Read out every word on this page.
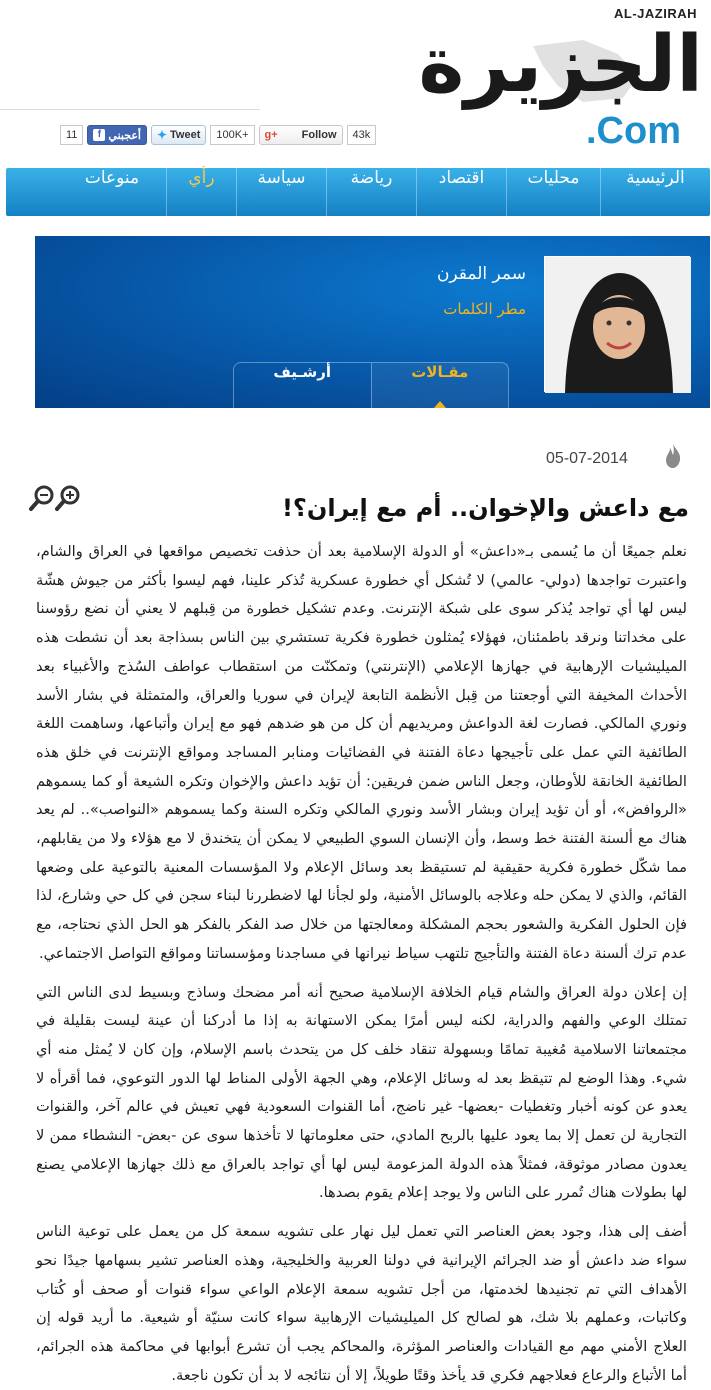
AL-JAZIRAH
الجزيرة
.Com
11	f أعجبني ✦ Tweet	100K+	g+ Follow	43k
الرئيسية
محليات
اقتصاد
رياضة
سياسة
رأي
منوعات
سمر المقرن
مطر الكلمات
مقـالات
أرشـيف
05-07-2014
مع داعش والإخوان.. أم مع إيران؟!

نعلم جميعًا أن ما يُسمى بـ«داعش» أو الدولة الإسلامية بعد أن حذفت تخصيص مواقعها في العراق والشام، واعتبرت تواجدها (دولي- عالمي) لا تُشكل أي خطورة عسكرية تُذكر علينا، فهم ليسوا بأكثر من جيوش هشّة ليس لها أي تواجد يُذكر سوى على شبكة الإنترنت. وعدم تشكيل خطورة من قِبلهم لا يعني أن نضع رؤوسنا على مخداتنا ونرقد باطمئنان، فهؤلاء يُمثلون خطورة فكرية تستشري بين الناس بسذاجة بعد أن نشطت هذه الميليشيات الإرهابية في جهازها الإعلامي (الإنترنتي) وتمكنّت من استقطاب عواطف السُذج والأغبياء بعد الأحداث المخيفة التي أوجعتنا من قِبل الأنظمة التابعة لإيران في سوريا والعراق، والمتمثلة في بشار الأسد ونوري المالكي. فصارت لغة الدواعش ومريديهم أن كل من هو ضدهم فهو مع إيران وأتباعها، وساهمت اللغة الطائفية التي عمل على تأجيجها دعاة الفتنة في الفضائيات ومنابر المساجد ومواقع الإنترنت في خلق هذه الطائفية الخانقة للأوطان، وجعل الناس ضمن فريقين: أن تؤيد داعش والإخوان وتكره الشيعة أو كما يسموهم «الروافض»، أو أن تؤيد إيران وبشار الأسد ونوري المالكي وتكره السنة وكما يسموهم «النواصب».. لم يعد هناك مع ألسنة الفتنة خط وسط، وأن الإنسان السوي الطبيعي لا يمكن أن يتخندق لا مع هؤلاء ولا من يقابلهم، مما شكّل خطورة فكرية حقيقية لم تستيقظ بعد وسائل الإعلام ولا المؤسسات المعنية بالتوعية على وضعها القائم، والذي لا يمكن حله وعلاجه بالوسائل الأمنية، ولو لجأنا لها لاضطررنا لبناء سجن في كل حي وشارع، لذا فإن الحلول الفكرية والشعور بحجم المشكلة ومعالجتها من خلال صد الفكر بالفكر هو الحل الذي نحتاجه، مع عدم ترك ألسنة دعاة الفتنة والتأجيج تلتهب سياط نيرانها في مساجدنا ومؤسساتنا ومواقع التواصل الاجتماعي.

إن إعلان دولة العراق والشام قيام الخلافة الإسلامية صحيح أنه أمر مضحك وساذج وبسيط لدى الناس التي تمتلك الوعي والفهم والدراية، لكنه ليس أمرًا يمكن الاستهانة به إذا ما أدركنا أن عينة ليست بقليلة في مجتمعاتنا الاسلامية مُغيبة تمامًا وبسهولة تنقاد خلف كل من يتحدث باسم الإسلام، وإن كان لا يُمثل منه أي شيء. وهذا الوضع لم تتيقظ بعد له وسائل الإعلام، وهي الجهة الأولى المناط لها الدور التوعوي، فما أقرأه لا يعدو عن كونه أخبار وتغطيات -بعضها- غير ناضج، أما القنوات السعودية فهي تعيش في عالم آخر، والقنوات التجارية لن تعمل إلا بما يعود عليها بالربح المادي، حتى معلوماتها لا تأخذها سوى عن -بعض- النشطاء ممن لا يعدون مصادر موثوقة، فمثلاً هذه الدولة المزعومة ليس لها أي تواجد بالعراق مع ذلك جهازها الإعلامي يصنع لها بطولات هناك تُمرر على الناس ولا يوجد إعلام يقوم بصدها.

أضف إلى هذا، وجود بعض العناصر التي تعمل ليل نهار على تشويه سمعة كل من يعمل على توعية الناس سواء ضد داعش أو ضد الجرائم الإيرانية في دولنا العربية والخليجية، وهذه العناصر تشير بسهامها جيدًا نحو الأهداف التي تم تجنيدها لخدمتها، من أجل تشويه سمعة الإعلام الواعي سواء قنوات أو صحف أو كُتاب وكاتبات، وعملهم بلا شك، هو لصالح كل الميليشيات الإرهابية سواء كانت سنيّة أو شيعية. ما أريد قوله إن العلاج الأمني مهم مع القيادات والعناصر المؤثرة، والمحاكم يجب أن تشرع أبوابها في محاكمة هذه الجرائم، أما الأتباع والرعاع فعلاجهم فكري قد يأخذ وقتًا طويلاً، إلا أن نتائجه لا بد أن تكون ناجعة.
